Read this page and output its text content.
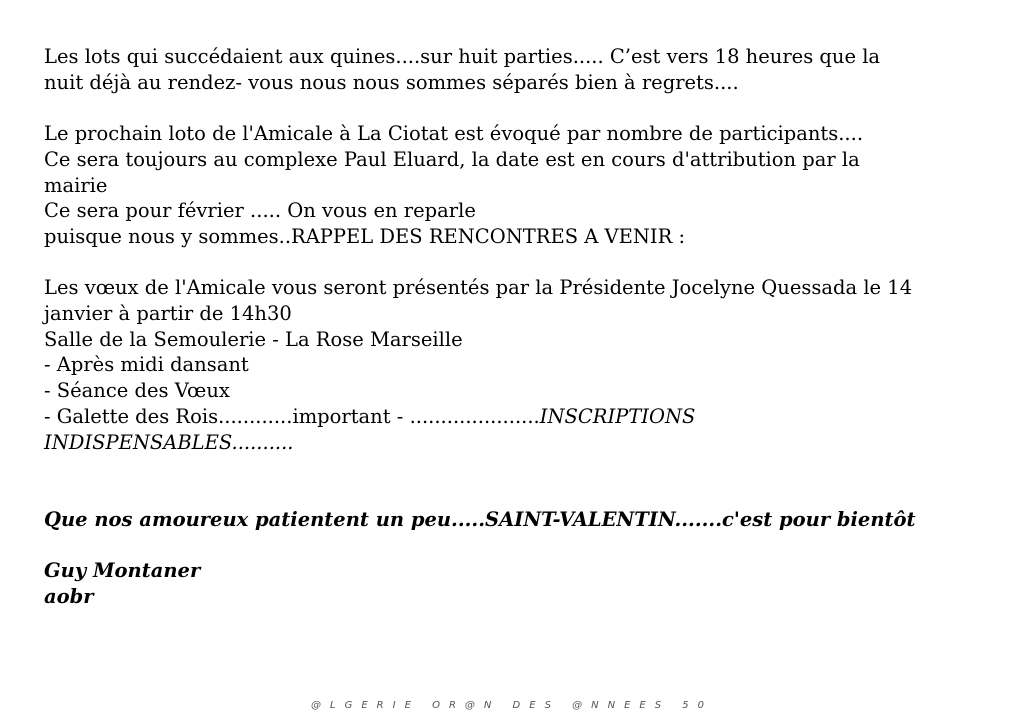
Les lots qui succédaient aux quines....sur huit parties..... C’est vers 18 heures que la
nuit déjà au rendez- vous nous nous sommes séparés bien à regrets....

Le prochain loto de l'Amicale à La Ciotat est évoqué par nombre de participants....
Ce sera toujours au complexe Paul Eluard, la date est en cours d'attribution par la
mairie
Ce sera pour février ..... On vous en reparle
puisque nous y sommes..RAPPEL DES RENCONTRES A VENIR :

Les vœux de l'Amicale vous seront présentés par la Présidente Jocelyne Quessada le 14
janvier à partir de 14h30
Salle de la Semoulerie - La Rose Marseille
- Après midi dansant
- Séance des Vœux
- Galette des Rois............important - .....................INSCRIPTIONS
INDISPENSABLES..........

Que nos amoureux patientent un peu.....SAINT-VALENTIN.......c'est pour bientôt

Guy Montaner
aobr

@LGERIE OR@N DES @NNEES 50
